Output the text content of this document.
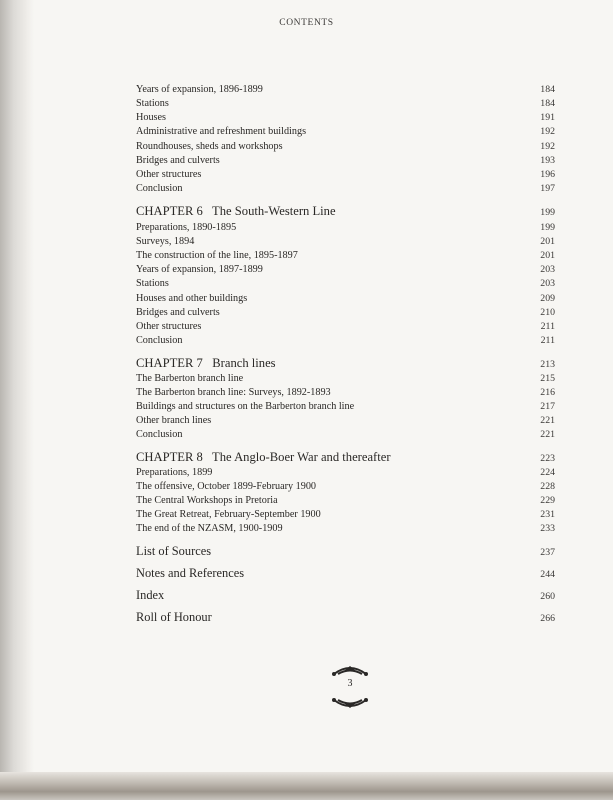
CONTENTS
Years of expansion, 1896-1899	184
Stations	184
Houses	191
Administrative and refreshment buildings	192
Roundhouses, sheds and workshops	192
Bridges and culverts	193
Other structures	196
Conclusion	197
CHAPTER 6   The South-Western Line	199
Preparations, 1890-1895	199
Surveys, 1894	201
The construction of the line, 1895-1897	201
Years of expansion, 1897-1899	203
Stations	203
Houses and other buildings	209
Bridges and culverts	210
Other structures	211
Conclusion	211
CHAPTER 7   Branch lines	213
The Barberton branch line	215
The Barberton branch line: Surveys, 1892-1893	216
Buildings and structures on the Barberton branch line	217
Other branch lines	221
Conclusion	221
CHAPTER 8   The Anglo-Boer War and thereafter	223
Preparations, 1899	224
The offensive, October 1899-February 1900	228
The Central Workshops in Pretoria	229
The Great Retreat, February-September 1900	231
The end of the NZASM, 1900-1909	233
List of Sources	237
Notes and References	244
Index	260
Roll of Honour	266
3
